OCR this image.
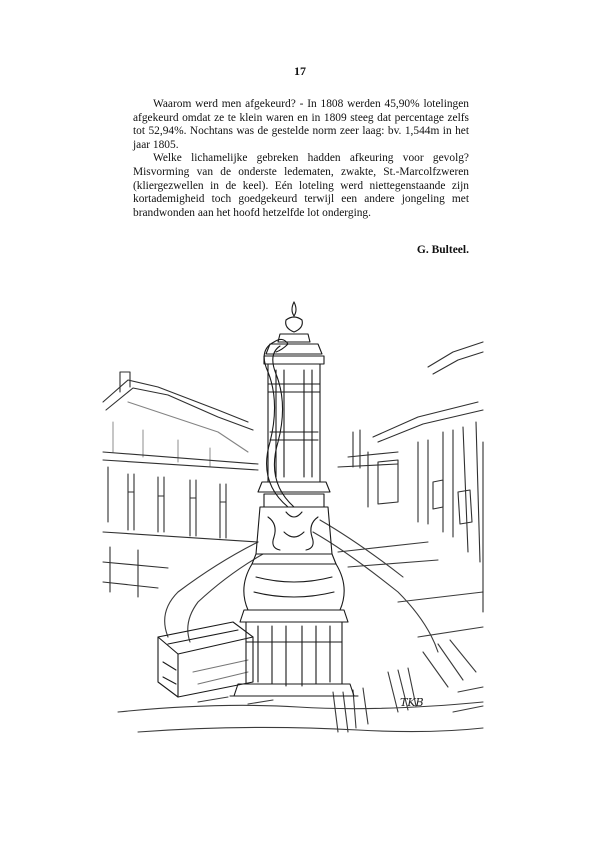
17

Waarom werd men afgekeurd? - In 1808 werden 45,90% lotelingen afgekeurd omdat ze te klein waren en in 1809 steeg dat percentage zelfs tot 52,94%. Nochtans was de gestelde norm zeer laag: bv. 1,544m in het jaar 1805.

Welke lichamelijke gebreken hadden afkeuring voor gevolg? Misvorming van de onderste ledematen, zwakte, St.-Marcolfzweren (kliergezwellen in de keel). Eén loteling werd niettegenstaande zijn kortademigheid toch goedgekeurd terwijl een andere jongeling met brandwonden aan het hoofd hetzelfde lot onderging.

G. Bulteel.
TKB
